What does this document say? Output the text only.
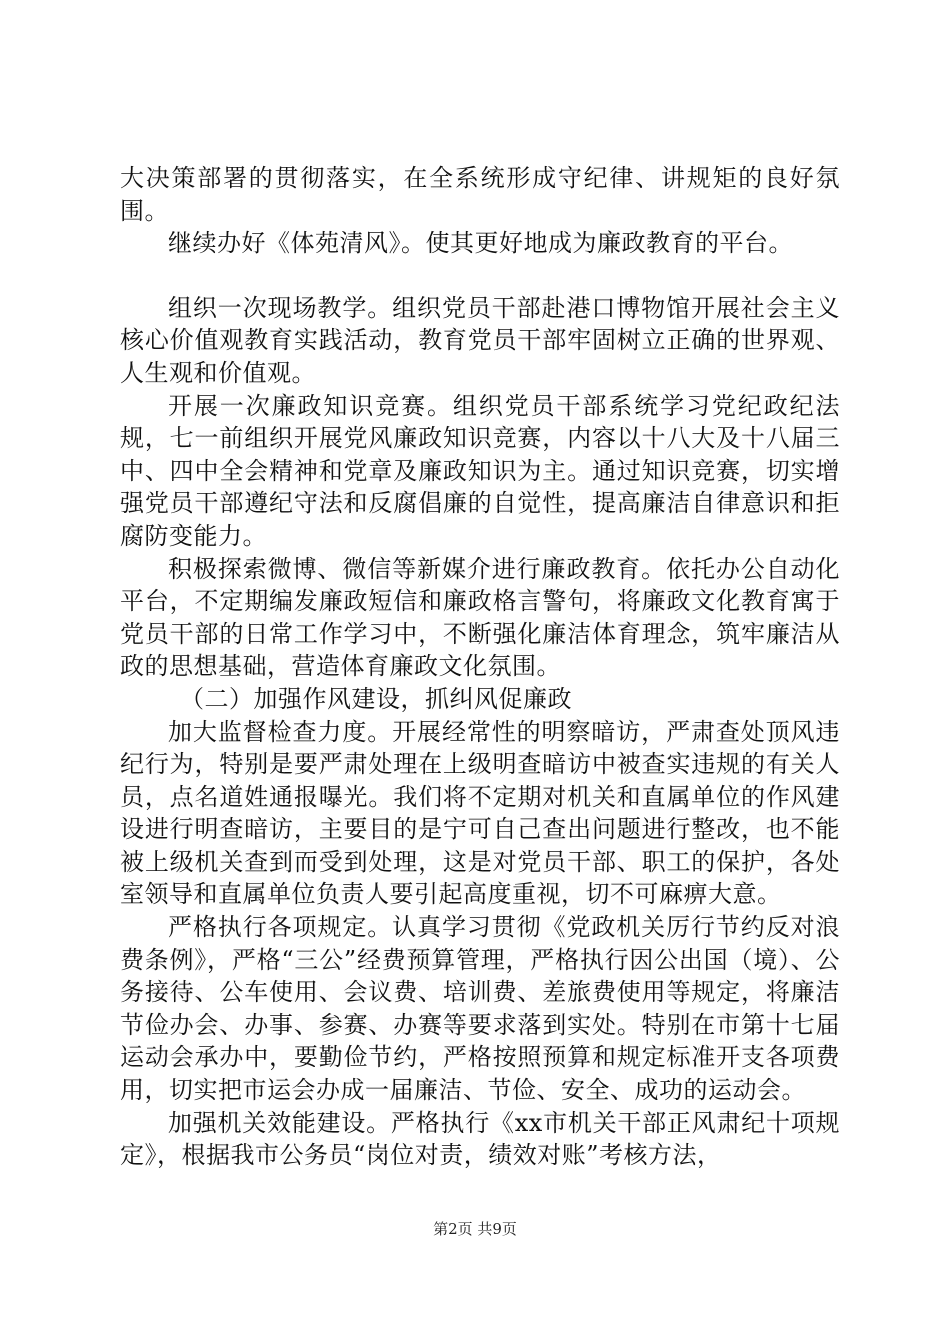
大决策部署的贯彻落实，在全系统形成守纪律、讲规矩的良好氛围。

继续办好《体苑清风》。使其更好地成为廉政教育的平台。

组织一次现场教学。组织党员干部赴港口博物馆开展社会主义核心价值观教育实践活动，教育党员干部牢固树立正确的世界观、人生观和价值观。

开展一次廉政知识竞赛。组织党员干部系统学习党纪政纪法规，七一前组织开展党风廉政知识竞赛，内容以十八大及十八届三中、四中全会精神和党章及廉政知识为主。通过知识竞赛，切实增强党员干部遵纪守法和反腐倡廉的自觉性，提高廉洁自律意识和拒腐防变能力。

积极探索微博、微信等新媒介进行廉政教育。依托办公自动化平台，不定期编发廉政短信和廉政格言警句，将廉政文化教育寓于党员干部的日常工作学习中，不断强化廉洁体育理念，筑牢廉洁从政的思想基础，营造体育廉政文化氛围。

（二）加强作风建设，抓纠风促廉政

加大监督检查力度。开展经常性的明察暗访，严肃查处顶风违纪行为，特别是要严肃处理在上级明查暗访中被查实违规的有关人员，点名道姓通报曝光。我们将不定期对机关和直属单位的作风建设进行明查暗访，主要目的是宁可自己查出问题进行整改，也不能被上级机关查到而受到处理，这是对党员干部、职工的保护，各处室领导和直属单位负责人要引起高度重视，切不可麻痹大意。

严格执行各项规定。认真学习贯彻《党政机关厉行节约反对浪费条例》，严格“三公”经费预算管理，严格执行因公出国（境）、公务接待、公车使用、会议费、培训费、差旅费使用等规定，将廉洁节俭办会、办事、参赛、办赛等要求落到实处。特别在市第十七届运动会承办中，要勤俭节约，严格按照预算和规定标准开支各项费用，切实把市运会办成一届廉洁、节俭、安全、成功的运动会。

加强机关效能建设。严格执行《xx市机关干部正风肃纪十项规定》，根据我市公务员“岗位对责，绩效对账”考核方法，

第2页 共9页
